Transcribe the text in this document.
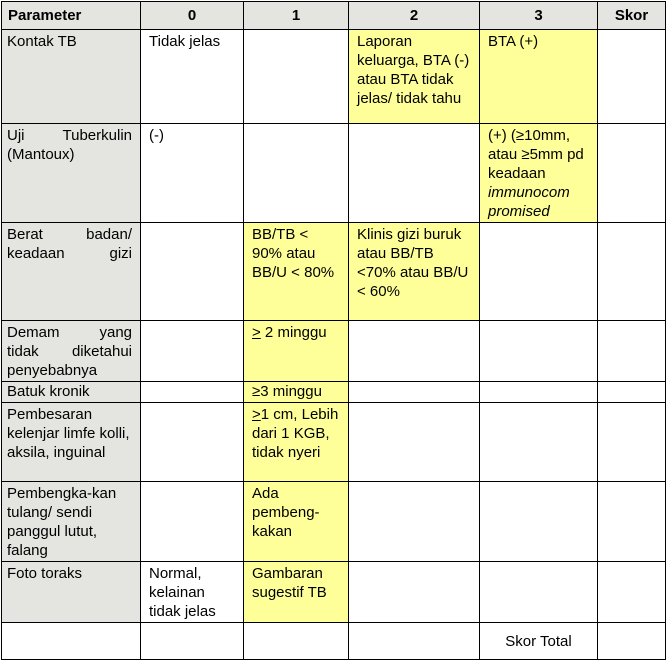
Parameter	0	1	2	3	Skor
Kontak TB	Tidak jelas		Laporan keluarga, BTA (-) atau BTA tidak jelas/ tidak tahu	BTA (+)	
Uji Tuberkulin (Mantoux)	(-)			(+) (≥10mm, atau ≥5mm pd keadaan immunocom promised	
Berat badan/ keadaan gizi		BB/TB < 90% atau BB/U < 80%	Klinis gizi buruk atau BB/TB <70% atau BB/U < 60%		
Demam yang tidak diketahui penyebabnya		≥ 2 minggu			
Batuk kronik		≥3 minggu			
Pembesaran kelenjar limfe kolli, aksila, inguinal		≥1 cm, Lebih dari 1 KGB, tidak nyeri			
Pembengka-kan tulang/ sendi panggul lutut, falang		Ada pembeng-kakan			
Foto toraks	Normal, kelainan tidak jelas	Gambaran sugestif TB			
				Skor Total	
